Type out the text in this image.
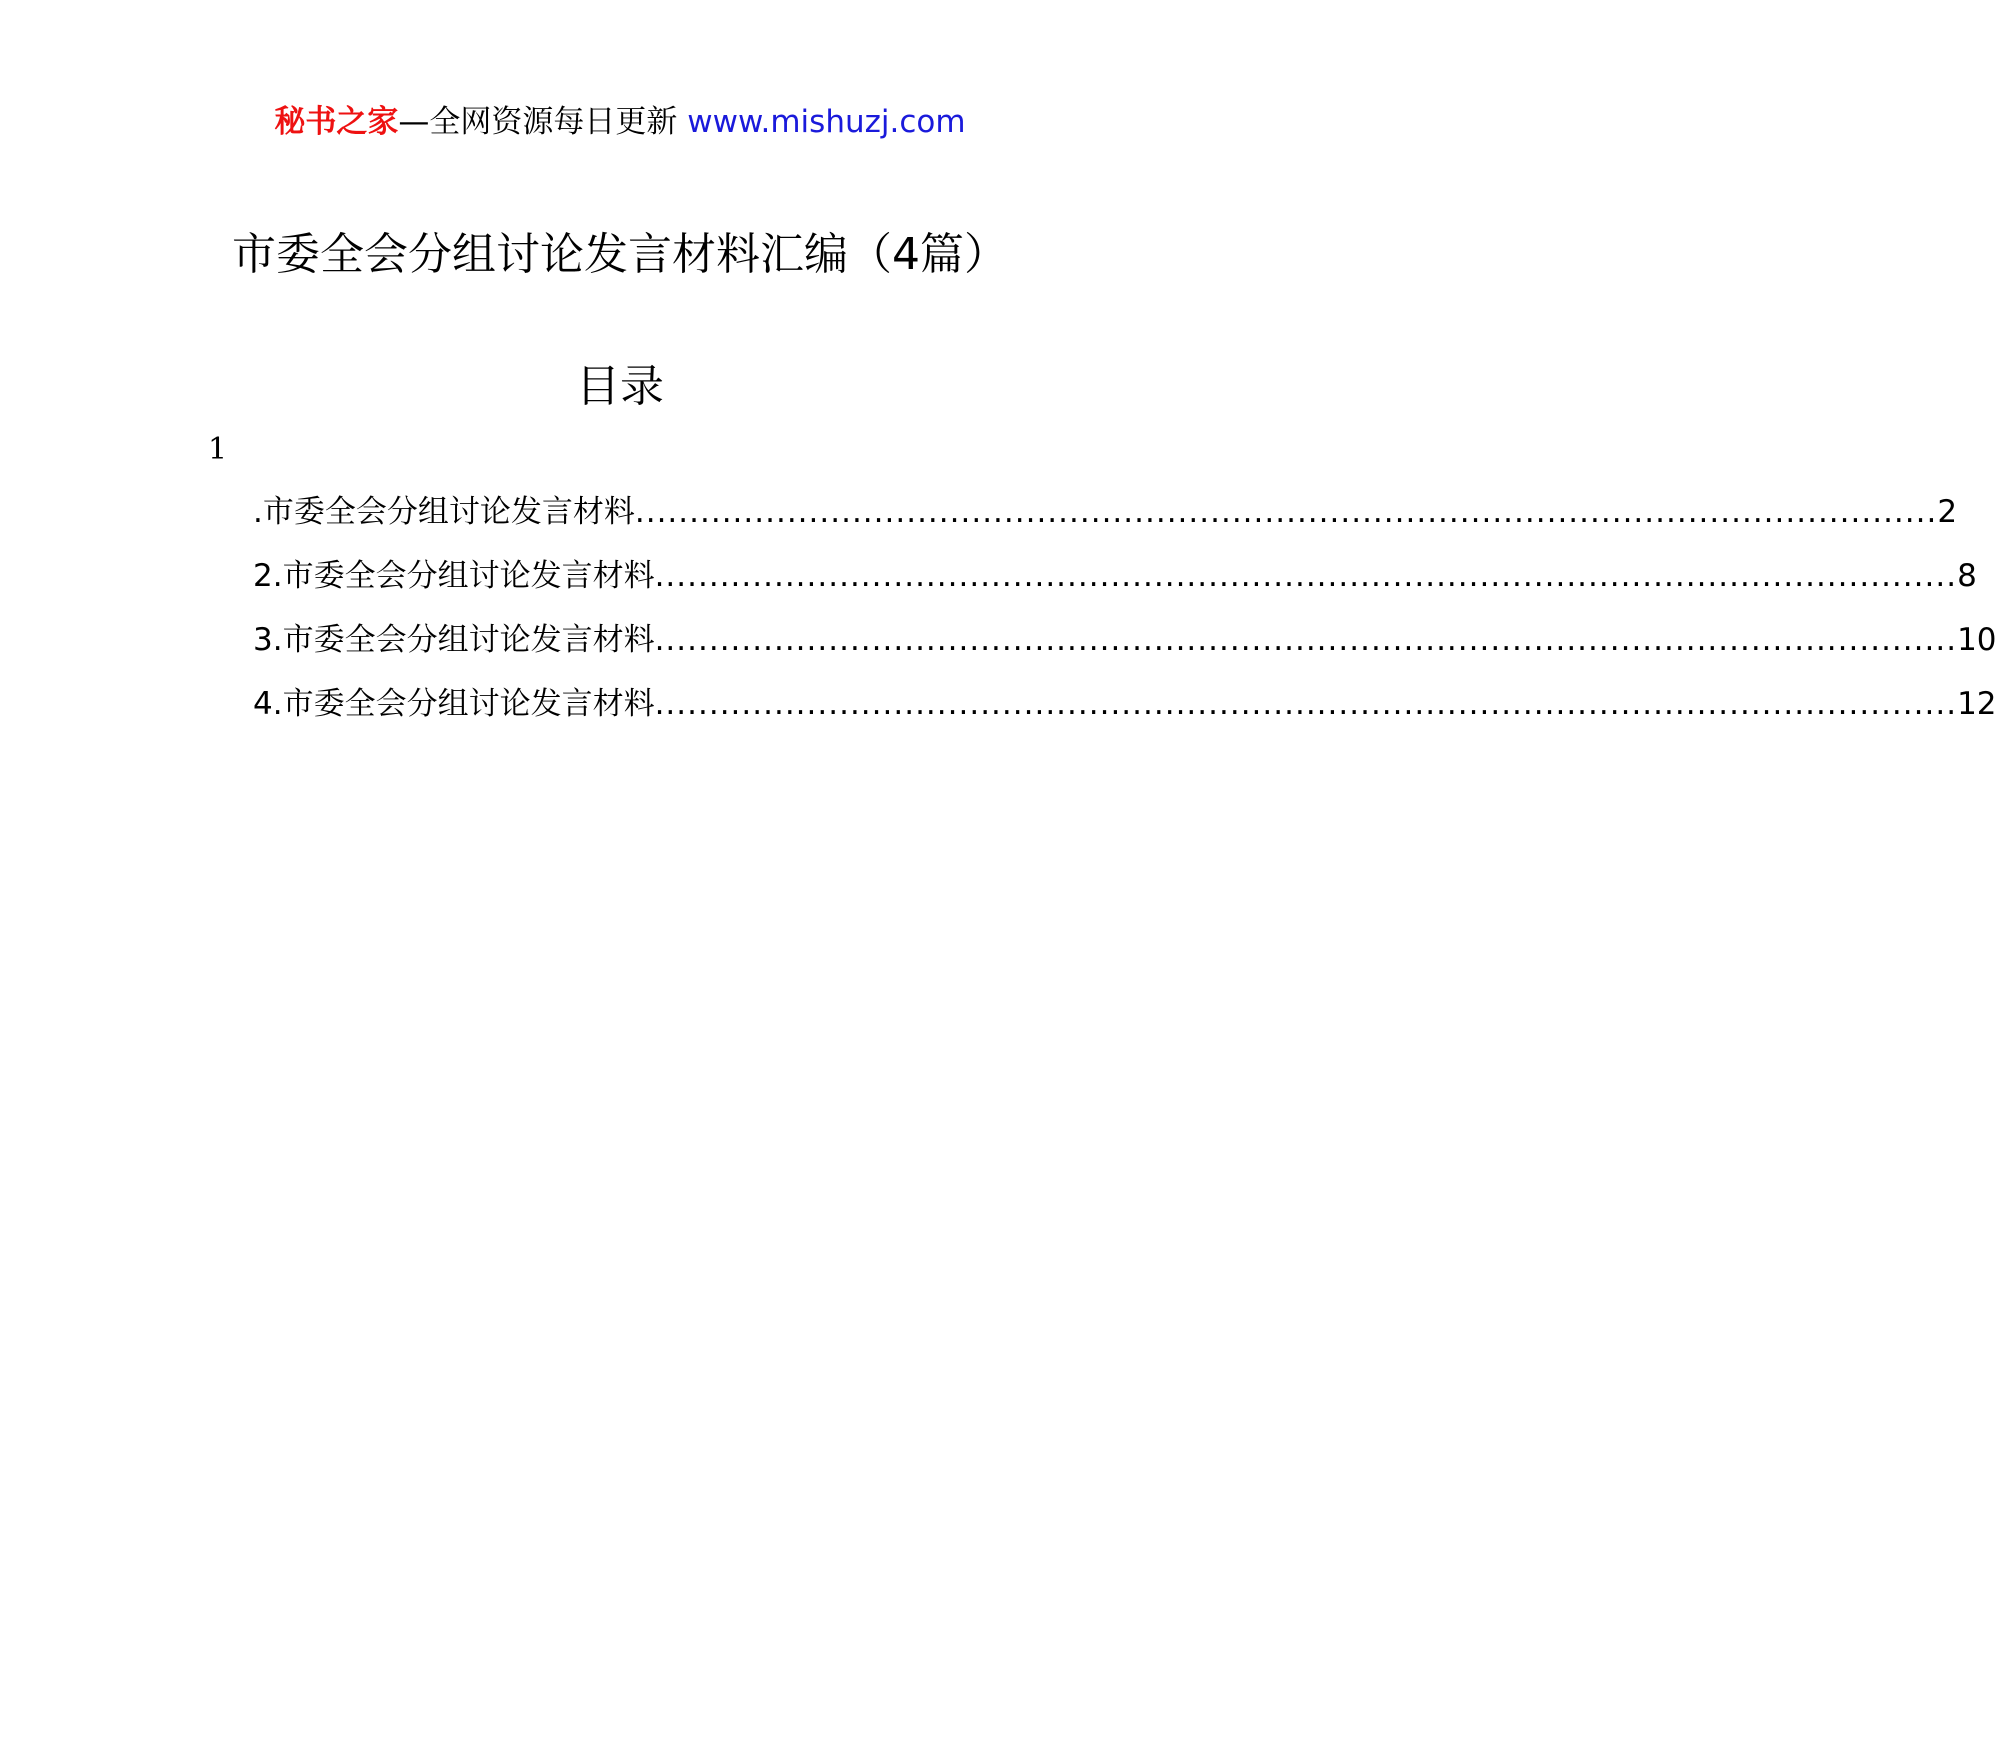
秘书之家—全网资源每日更新 www.mishuzj.com
市委全会分组讨论发言材料汇编（4篇）
目录
1
.市委全会分组讨论发言材料 ........................................................................................................................ 2
2.市委全会分组讨论发言材料 ........................................................................................................................ 8
3.市委全会分组讨论发言材料 ........................................................................................................................ 10
4.市委全会分组讨论发言材料 ........................................................................................................................ 12
